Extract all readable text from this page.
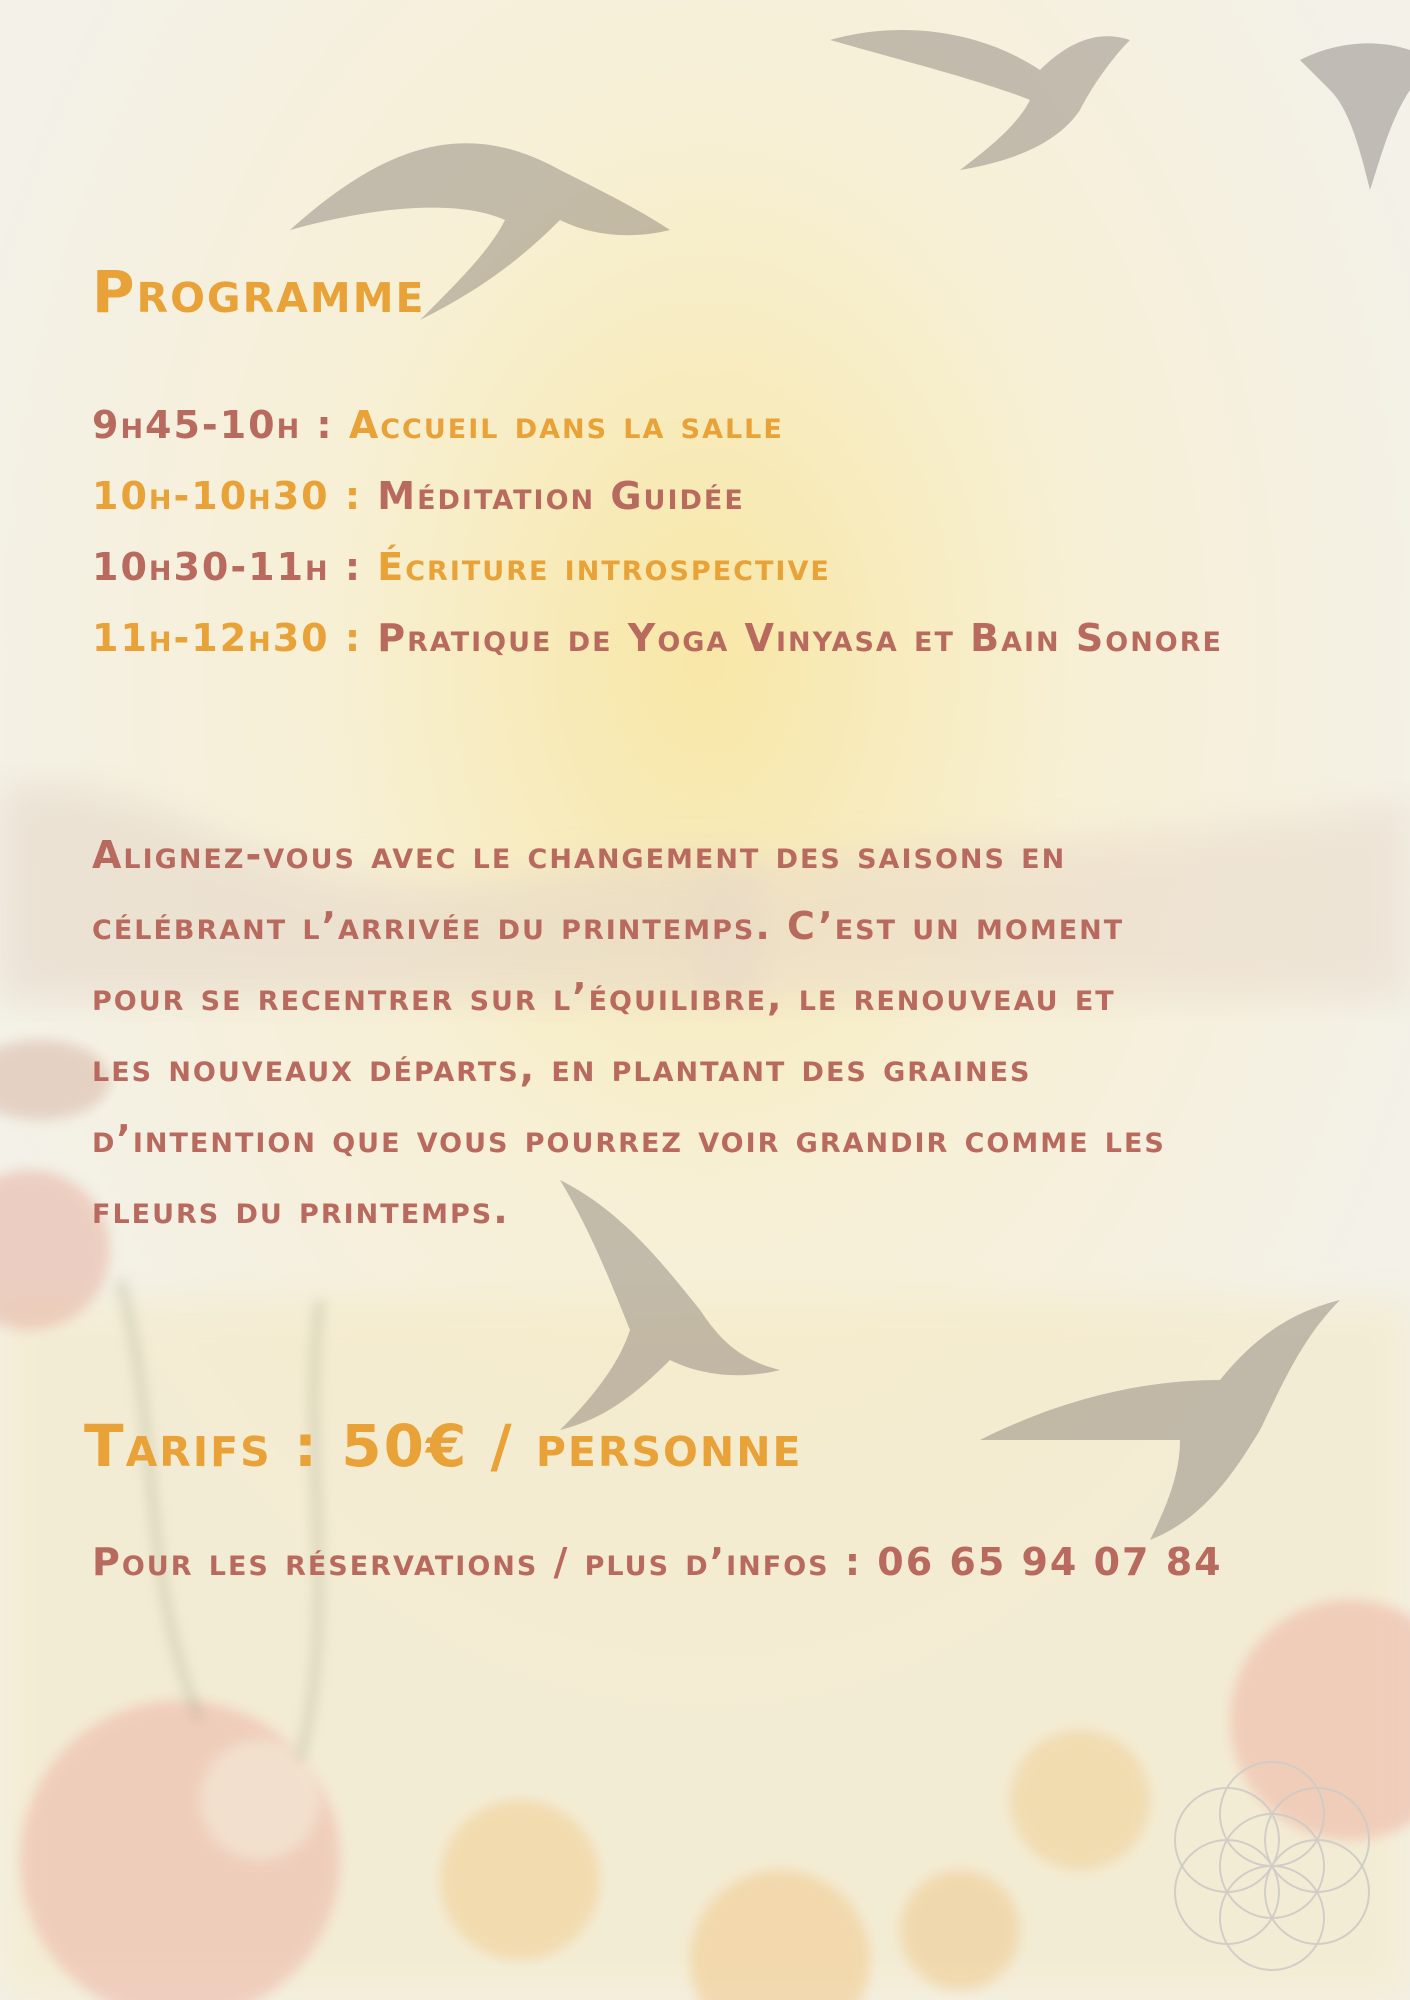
Programme
9h45-10h : Accueil dans la salle
10h-10h30 : Méditation Guidée
10h30-11h : Écriture introspective
11h-12h30 : Pratique de Yoga Vinyasa et Bain Sonore
Alignez-vous avec le changement des saisons en
célébrant l’arrivée du printemps. C’est un moment
pour se recentrer sur l’équilibre, le renouveau et
les nouveaux départs, en plantant des graines
d’intention que vous pourrez voir grandir comme les
fleurs du printemps.
Tarifs : 50€ / personne
Pour les réservations / plus d’infos : 06 65 94 07 84
